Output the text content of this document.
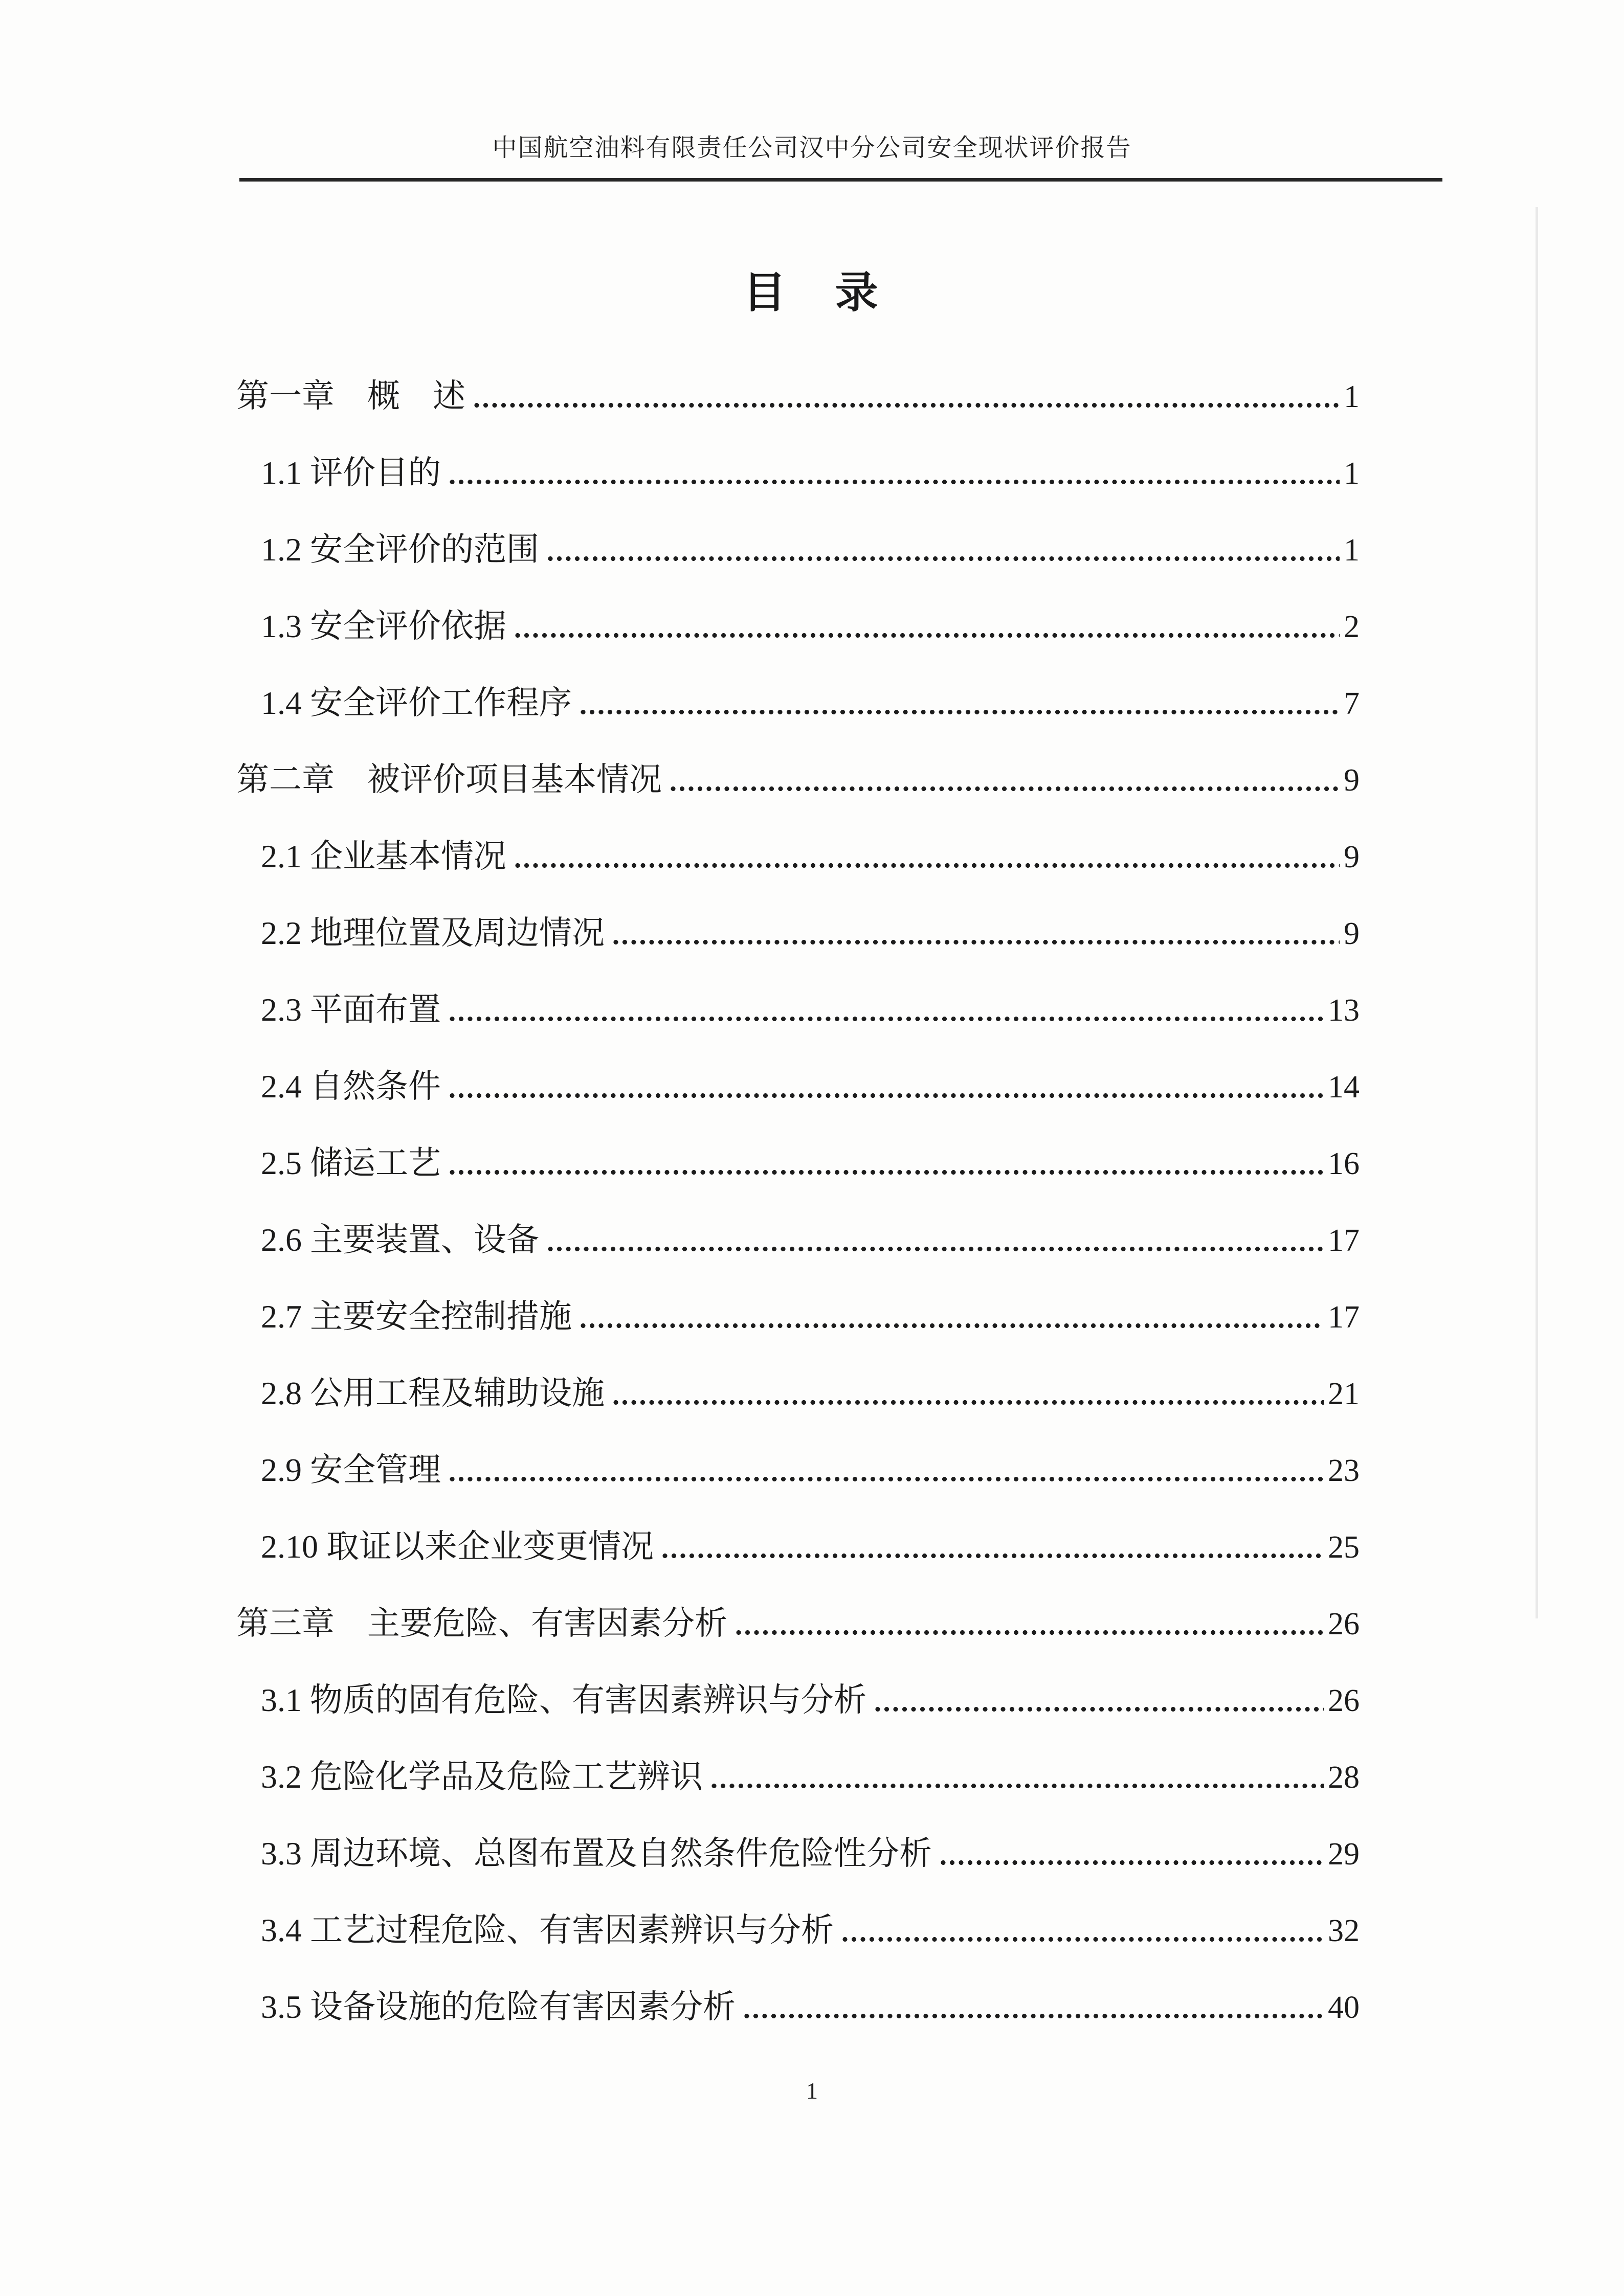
中国航空油料有限责任公司汉中分公司安全现状评价报告
目　录
第一章　概　述	1
1.1 评价目的	1
1.2 安全评价的范围	1
1.3 安全评价依据	2
1.4 安全评价工作程序	7
第二章　被评价项目基本情况	9
2.1 企业基本情况	9
2.2 地理位置及周边情况	9
2.3 平面布置	13
2.4 自然条件	14
2.5 储运工艺	16
2.6 主要装置、设备	17
2.7 主要安全控制措施	17
2.8 公用工程及辅助设施	21
2.9 安全管理	23
2.10 取证以来企业变更情况	25
第三章　主要危险、有害因素分析	26
3.1 物质的固有危险、有害因素辨识与分析	26
3.2 危险化学品及危险工艺辨识	28
3.3 周边环境、总图布置及自然条件危险性分析	29
3.4 工艺过程危险、有害因素辨识与分析	32
3.5 设备设施的危险有害因素分析	40
1
